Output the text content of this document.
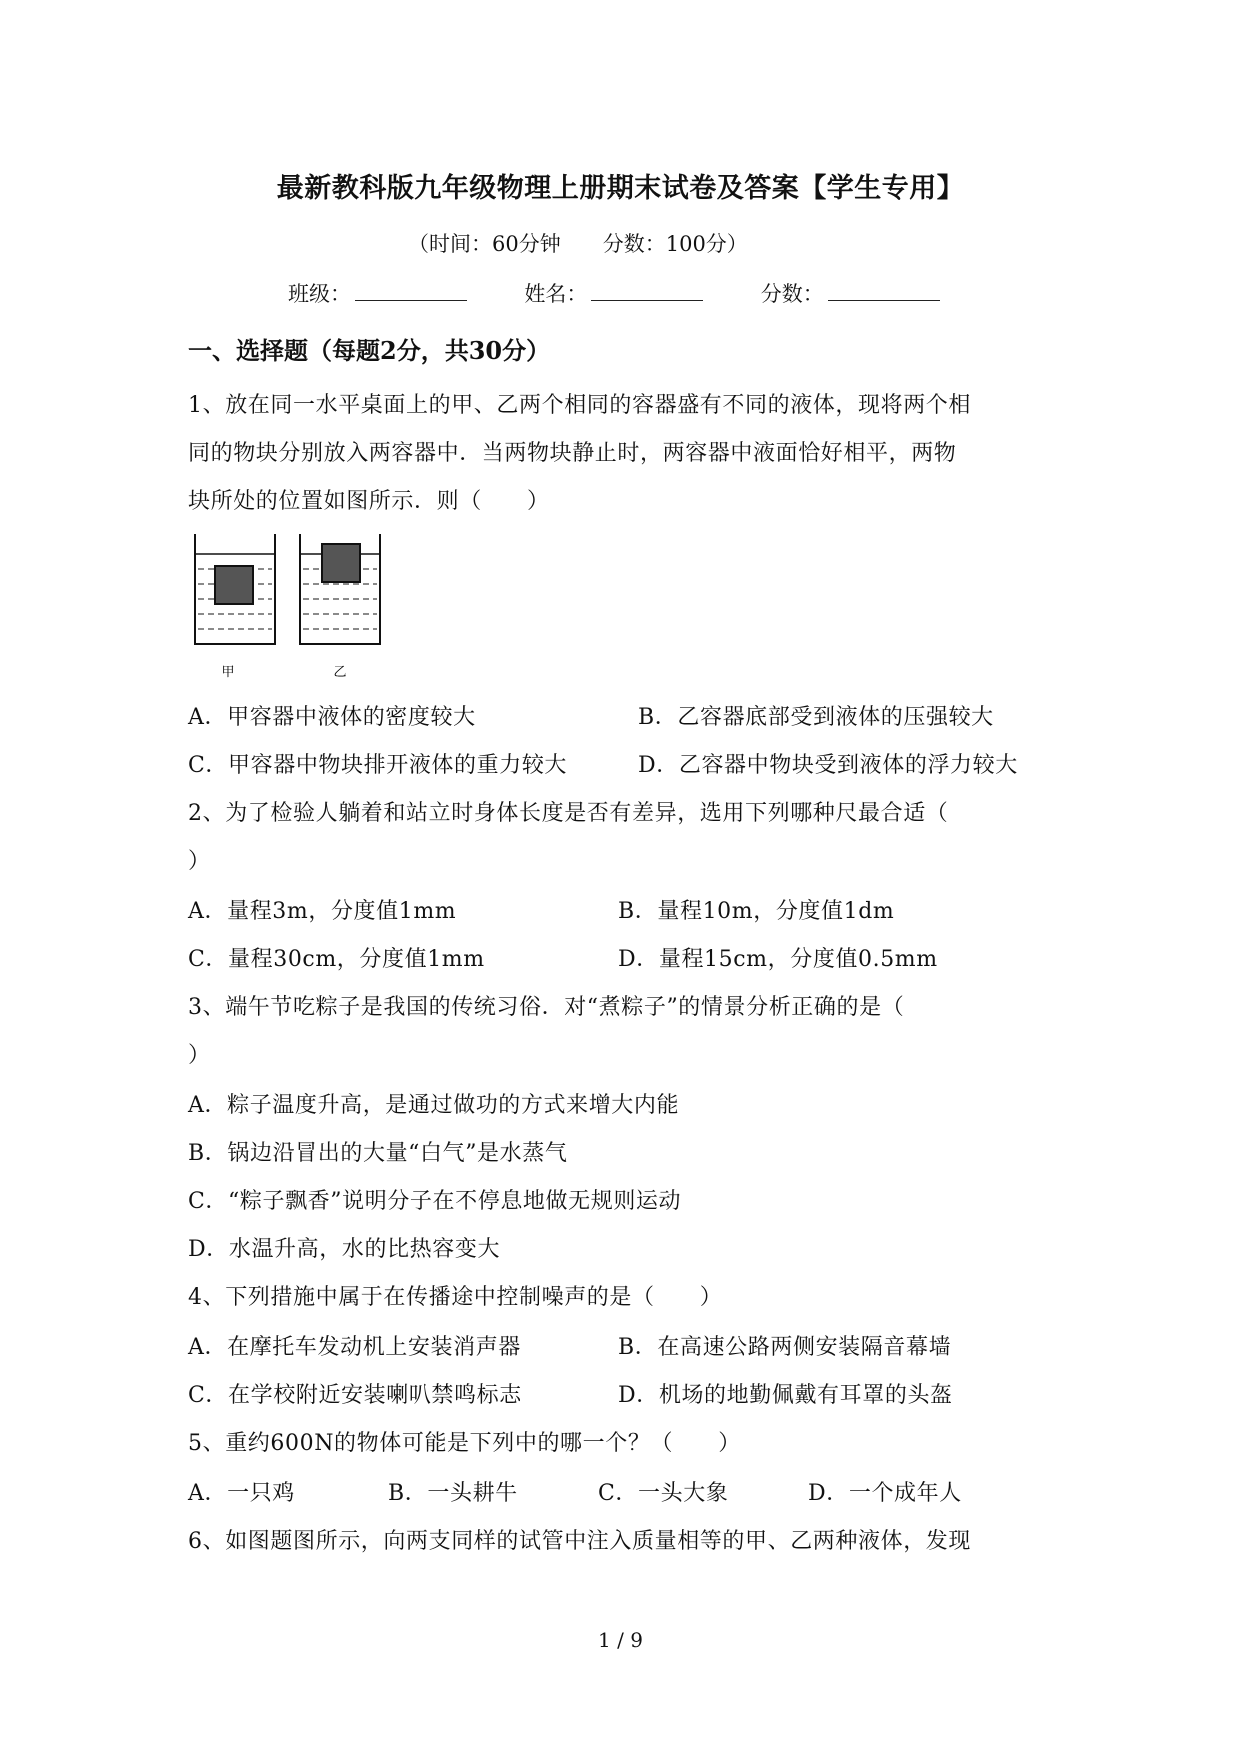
最新教科版九年级物理上册期末试卷及答案【学生专用】
（时间：60分钟　　分数：100分）
班级：	姓名：	分数：
一、选择题（每题2分，共30分）
1、放在同一水平桌面上的甲、乙两个相同的容器盛有不同的液体，现将两个相
同的物块分别放入两容器中．当两物块静止时，两容器中液面恰好相平，两物
块所处的位置如图所示．则（　　）
甲	乙
A．甲容器中液体的密度较大	B．乙容器底部受到液体的压强较大
C．甲容器中物块排开液体的重力较大	D．乙容器中物块受到液体的浮力较大
2、为了检验人躺着和站立时身体长度是否有差异，选用下列哪种尺最合适（
）
A．量程3m，分度值1mm	B．量程10m，分度值1dm
C．量程30cm，分度值1mm	D．量程15cm，分度值0.5mm
3、端午节吃粽子是我国的传统习俗．对“煮粽子”的情景分析正确的是（
）
A．粽子温度升高，是通过做功的方式来增大内能
B．锅边沿冒出的大量“白气”是水蒸气
C．“粽子飘香”说明分子在不停息地做无规则运动
D．水温升高，水的比热容变大
4、下列措施中属于在传播途中控制噪声的是（　　）
A．在摩托车发动机上安装消声器	B．在高速公路两侧安装隔音幕墙
C．在学校附近安装喇叭禁鸣标志	D．机场的地勤佩戴有耳罩的头盔
5、重约600N的物体可能是下列中的哪一个？（　　）
A．一只鸡	B．一头耕牛	C．一头大象	D．一个成年人
6、如图题图所示，向两支同样的试管中注入质量相等的甲、乙两种液体，发现
1 / 9
